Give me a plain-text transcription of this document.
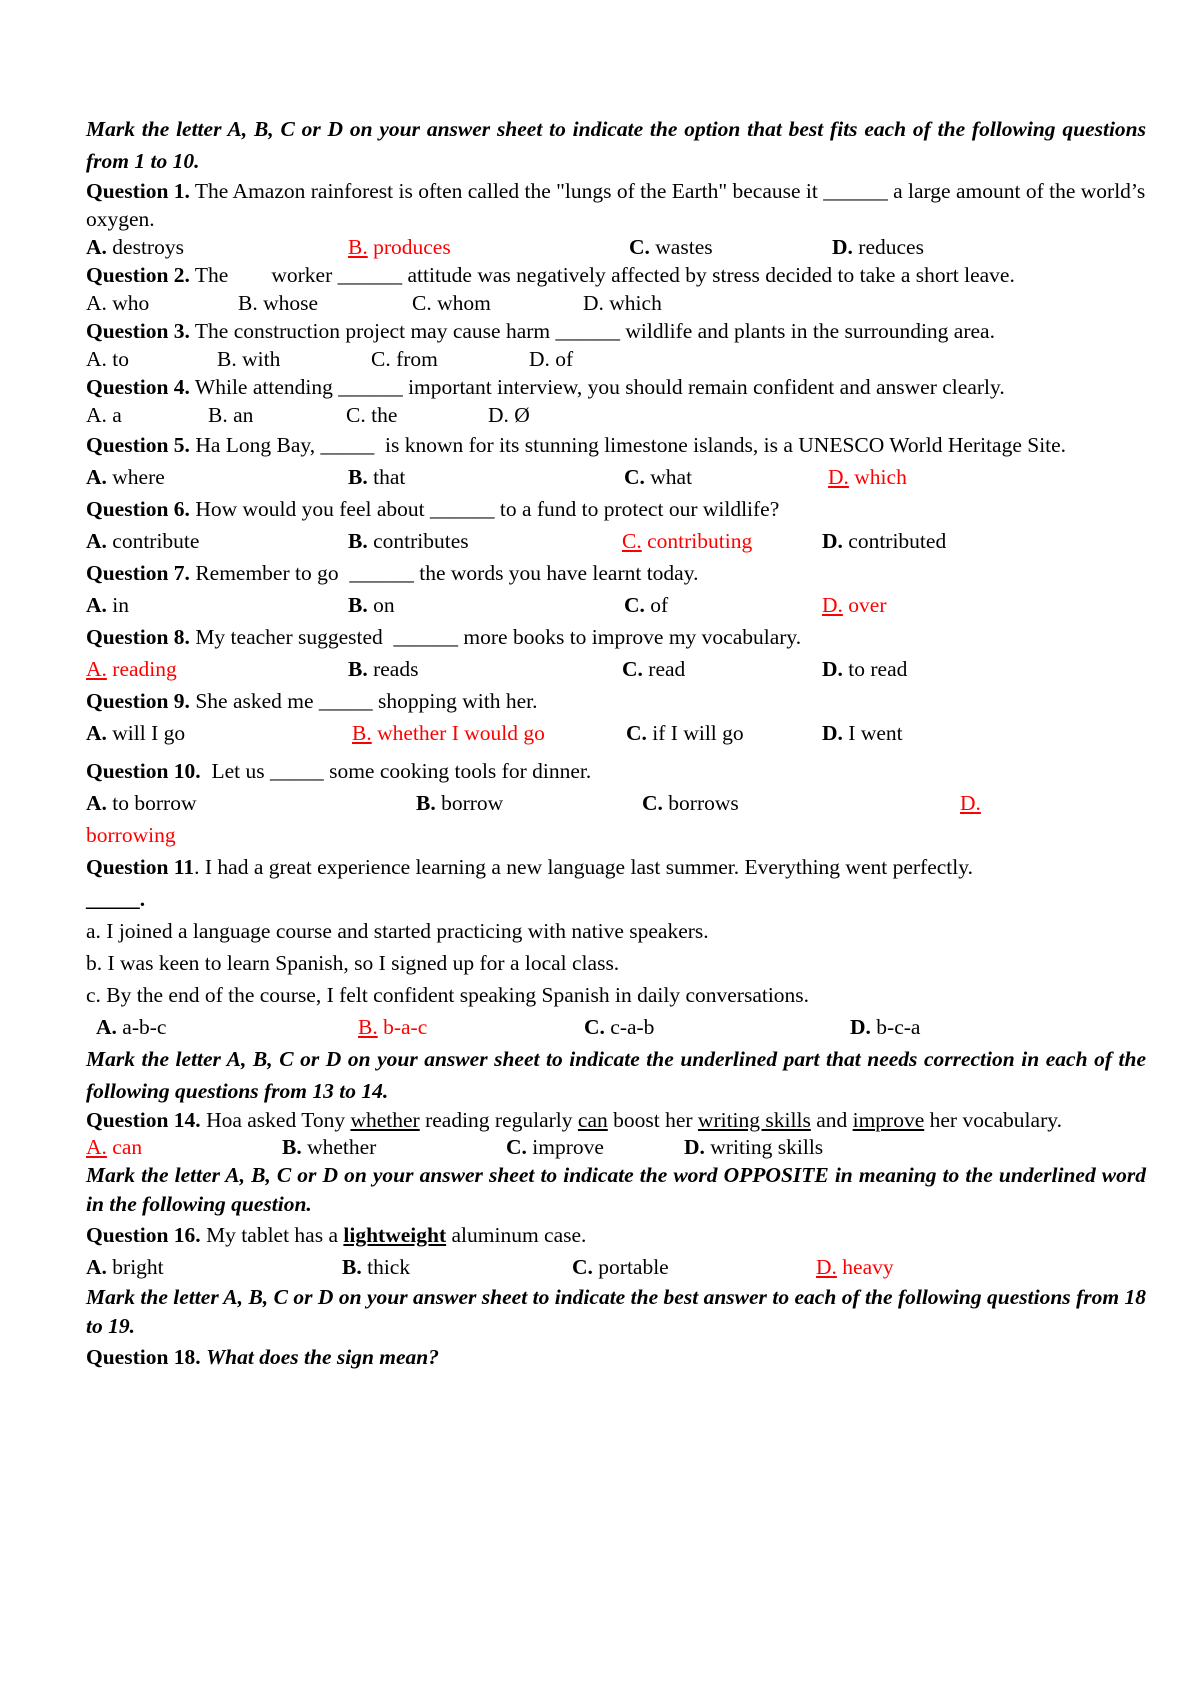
Mark the letter A, B, C or D on your answer sheet to indicate the option that best fits each of the following questions from 1 to 10.
Question 1. The Amazon rainforest is often called the "lungs of the Earth" because it ______ a large amount of the world’s oxygen.
A. destroys	B. produces	C. wastes	D. reduces
Question 2. The        worker ______ attitude was negatively affected by stress decided to take a short leave.
A. who	B. whose	C. whom	D. which
Question 3. The construction project may cause harm ______ wildlife and plants in the surrounding area.
A. to	B. with	C. from	D. of
Question 4. While attending ______ important interview, you should remain confident and answer clearly.
A. a	B. an	C. the	D. Ø
Question 5. Ha Long Bay, _____  is known for its stunning limestone islands, is a UNESCO World Heritage Site.
A. where	B. that	C. what	D. which
Question 6. How would you feel about ______ to a fund to protect our wildlife?
A. contribute	B. contributes	C. contributing	D. contributed
Question 7. Remember to go  ______ the words you have learnt today.
A. in	B. on	C. of	D. over
Question 8. My teacher suggested  ______ more books to improve my vocabulary.
A. reading	B. reads	C. read	D. to read
Question 9. She asked me _____ shopping with her.
A. will I go	B. whether I would go	C. if I will go	D. I went
Question 10.  Let us _____ some cooking tools for dinner.
A. to borrow	B. borrow	C. borrows	D.
borrowing
Question 11. I had a great experience learning a new language last summer. Everything went perfectly.
_____.
a. I joined a language course and started practicing with native speakers.
b. I was keen to learn Spanish, so I signed up for a local class.
c. By the end of the course, I felt confident speaking Spanish in daily conversations.
A. a-b-c	B. b-a-c	C. c-a-b	D. b-c-a
Mark the letter A, B, C or D on your answer sheet to indicate the underlined part that needs correction in each of the following questions from 13 to 14.
Question 14. Hoa asked Tony whether reading regularly can boost her writing skills and improve her vocabulary.
A. can	B. whether	C. improve	D. writing skills
Mark the letter A, B, C or D on your answer sheet to indicate the word OPPOSITE in meaning to the underlined word in the following question.
Question 16. My tablet has a lightweight aluminum case.
A. bright	B. thick	C. portable	D. heavy
Mark the letter A, B, C or D on your answer sheet to indicate the best answer to each of the following questions from 18 to 19.
Question 18. What does the sign mean?
